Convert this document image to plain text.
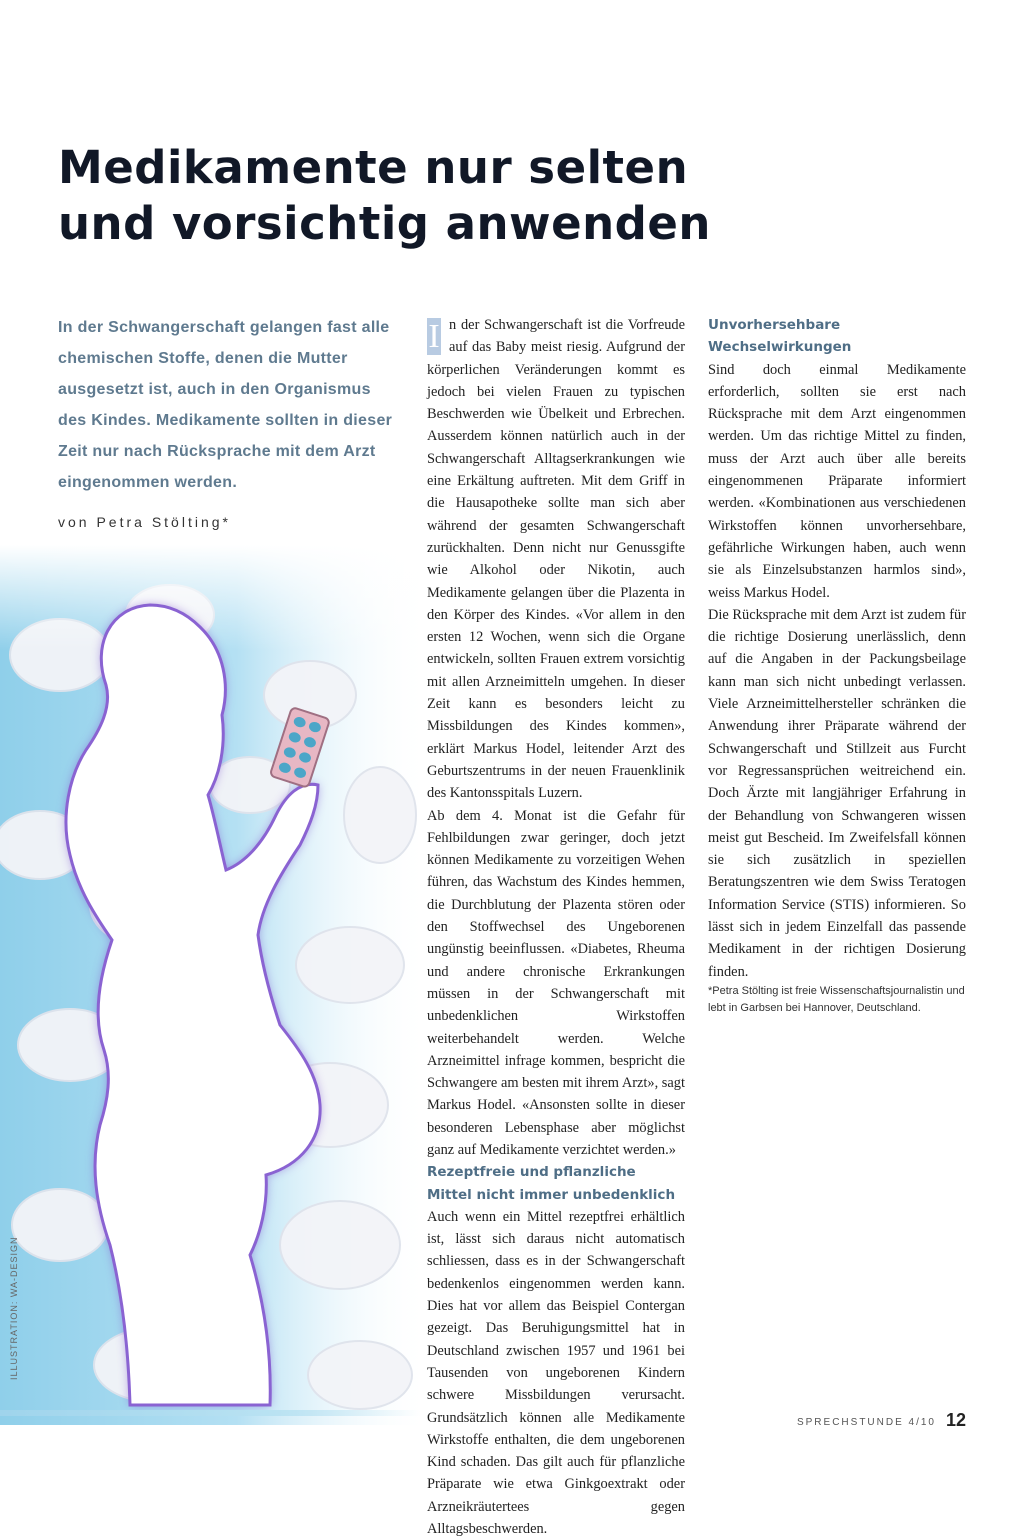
Medikamente nur selten
und vorsichtig anwenden

In der Schwangerschaft gelangen fast alle chemischen Stoffe, denen die Mutter ausgesetzt ist, auch in den Organismus des Kindes. Medikamente sollten in dieser Zeit nur nach Rücksprache mit dem Arzt eingenommen werden.

von Petra Stölting*

ILLUSTRATION: WA-DESIGN

I n der Schwangerschaft ist die Vorfreude auf das Baby meist riesig. Aufgrund der körperlichen Veränderungen kommt es jedoch bei vielen Frauen zu typischen Beschwerden wie Übelkeit und Erbrechen. Ausserdem können natürlich auch in der Schwangerschaft Alltagserkrankungen wie eine Erkältung auftreten. Mit dem Griff in die Hausapotheke sollte man sich aber während der gesamten Schwangerschaft zurückhalten. Denn nicht nur Genussgifte wie Alkohol oder Nikotin, auch Medikamente gelangen über die Plazenta in den Körper des Kindes. «Vor allem in den ersten 12 Wochen, wenn sich die Organe entwickeln, sollten Frauen extrem vorsichtig mit allen Arzneimitteln umgehen. In dieser Zeit kann es besonders leicht zu Missbildungen des Kindes kommen», erklärt Markus Hodel, leitender Arzt des Geburtszentrums in der neuen Frauenklinik des Kantonsspitals Luzern.

Ab dem 4. Monat ist die Gefahr für Fehlbildungen zwar geringer, doch jetzt können Medikamente zu vorzeitigen Wehen führen, das Wachstum des Kindes hemmen, die Durchblutung der Plazenta stören oder den Stoffwechsel des Ungeborenen ungünstig beeinflussen. «Diabetes, Rheuma und andere chronische Erkrankungen müssen in der Schwangerschaft mit unbedenklichen Wirkstoffen weiterbehandelt werden. Welche Arzneimittel infrage kommen, bespricht die Schwangere am besten mit ihrem Arzt», sagt Markus Hodel. «Ansonsten sollte in dieser besonderen Lebensphase aber möglichst ganz auf Medikamente verzichtet werden.»

Rezeptfreie und pflanzliche Mittel nicht immer unbedenklich

Auch wenn ein Mittel rezeptfrei erhältlich ist, lässt sich daraus nicht automatisch schliessen, dass es in der Schwangerschaft bedenkenlos eingenommen werden kann. Dies hat vor allem das Beispiel Contergan gezeigt. Das Beruhigungsmittel hat in Deutschland zwischen 1957 und 1961 bei Tausenden von ungeborenen Kindern schwere Missbildungen verursacht. Grundsätzlich können alle Medikamente Wirkstoffe enthalten, die dem ungeborenen Kind schaden. Das gilt auch für pflanzliche Präparate wie etwa Ginkgoextrakt oder Arzneikräutertees gegen Alltagsbeschwerden.

Unvorhersehbare Wechselwirkungen

Sind doch einmal Medikamente erforderlich, sollten sie erst nach Rücksprache mit dem Arzt eingenommen werden. Um das richtige Mittel zu finden, muss der Arzt auch über alle bereits eingenommenen Präparate informiert werden. «Kombinationen aus verschiedenen Wirkstoffen können unvorhersehbare, gefährliche Wirkungen haben, auch wenn sie als Einzelsubstanzen harmlos sind», weiss Markus Hodel.

Die Rücksprache mit dem Arzt ist zudem für die richtige Dosierung unerlässlich, denn auf die Angaben in der Packungsbeilage kann man sich nicht unbedingt verlassen. Viele Arzneimittelhersteller schränken die Anwendung ihrer Präparate während der Schwangerschaft und Stillzeit aus Furcht vor Regressansprüchen weitreichend ein. Doch Ärzte mit langjähriger Erfahrung in der Behandlung von Schwangeren wissen meist gut Bescheid. Im Zweifelsfall können sie sich zusätzlich in speziellen Beratungszentren wie dem Swiss Teratogen Information Service (STIS) informieren. So lässt sich in jedem Einzelfall das passende Medikament in der richtigen Dosierung finden.

*Petra Stölting ist freie Wissenschaftsjournalistin und lebt in Garbsen bei Hannover, Deutschland.

SPRECHSTUNDE 4/10 12
